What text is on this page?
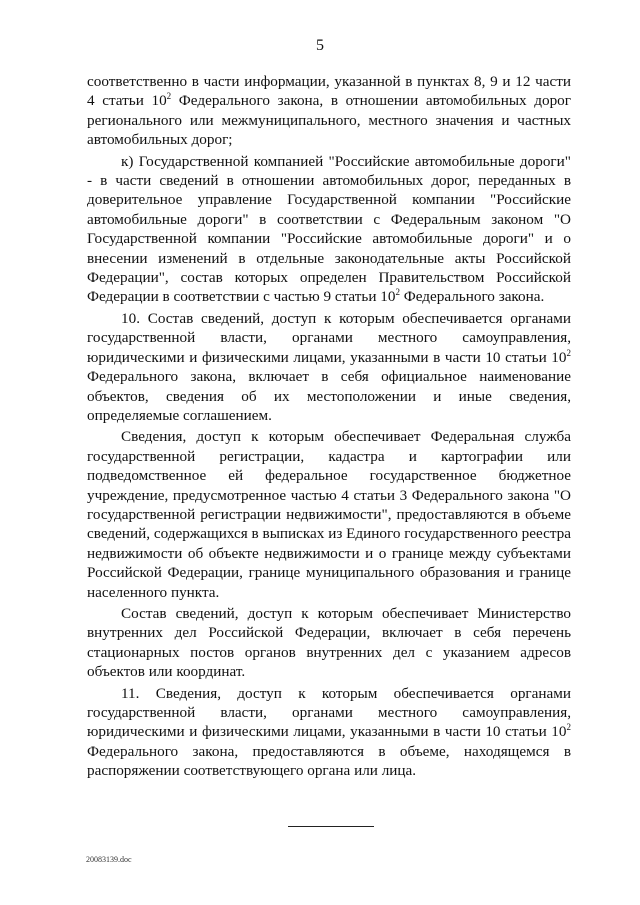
5

соответственно в части информации, указанной в пунктах 8, 9 и 12 части 4 статьи $10^2$ Федерального закона, в отношении автомобильных дорог регионального или межмуниципального, местного значения и частных автомобильных дорог;

к) Государственной компанией "Российские автомобильные дороги" - в части сведений в отношении автомобильных дорог, переданных в доверительное управление Государственной компании "Российские автомобильные дороги" в соответствии с Федеральным законом "О Государственной компании "Российские автомобильные дороги" и о внесении изменений в отдельные законодательные акты Российской Федерации", состав которых определен Правительством Российской Федерации в соответствии с частью 9 статьи $10^2$ Федерального закона.

10. Состав сведений, доступ к которым обеспечивается органами государственной власти, органами местного самоуправления, юридическими и физическими лицами, указанными в части 10 статьи $10^2$ Федерального закона, включает в себя официальное наименование объектов, сведения об их местоположении и иные сведения, определяемые соглашением.

Сведения, доступ к которым обеспечивает Федеральная служба государственной регистрации, кадастра и картографии или подведомственное ей федеральное государственное бюджетное учреждение, предусмотренное частью 4 статьи 3 Федерального закона "О государственной регистрации недвижимости", предоставляются в объеме сведений, содержащихся в выписках из Единого государственного реестра недвижимости об объекте недвижимости и о границе между субъектами Российской Федерации, границе муниципального образования и границе населенного пункта.

Состав сведений, доступ к которым обеспечивает Министерство внутренних дел Российской Федерации, включает в себя перечень стационарных постов органов внутренних дел с указанием адресов объектов или координат.

11. Сведения, доступ к которым обеспечивается органами государственной власти, органами местного самоуправления, юридическими и физическими лицами, указанными в части 10 статьи $10^2$ Федерального закона, предоставляются в объеме, находящемся в распоряжении соответствующего органа или лица.

20083139.doc
